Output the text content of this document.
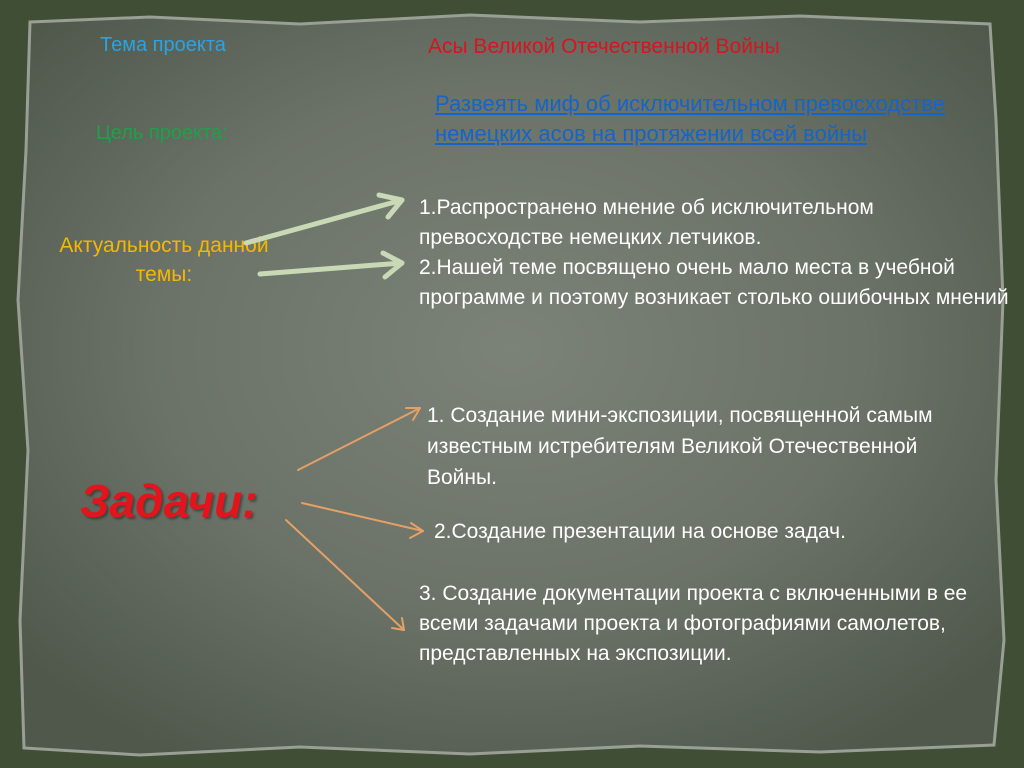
Тема проекта	Асы Великой Отечественной Войны

Цель проекта:

Развеять миф об исключительном превосходстве немецких асов на протяжении всей войны

Актуальность данной темы:

1.Распространено мнение об исключительном превосходстве немецких летчиков.
2.Нашей теме посвящено очень мало места в учебной программе и поэтому возникает столько ошибочных мнений

Задачи:

1. Создание мини-экспозиции, посвященной самым известным истребителям Великой Отечественной Войны.

2.Создание презентации на основе задач.

3. Создание документации проекта с включенными в ее всеми задачами проекта и фотографиями самолетов, представленных на экспозиции.
